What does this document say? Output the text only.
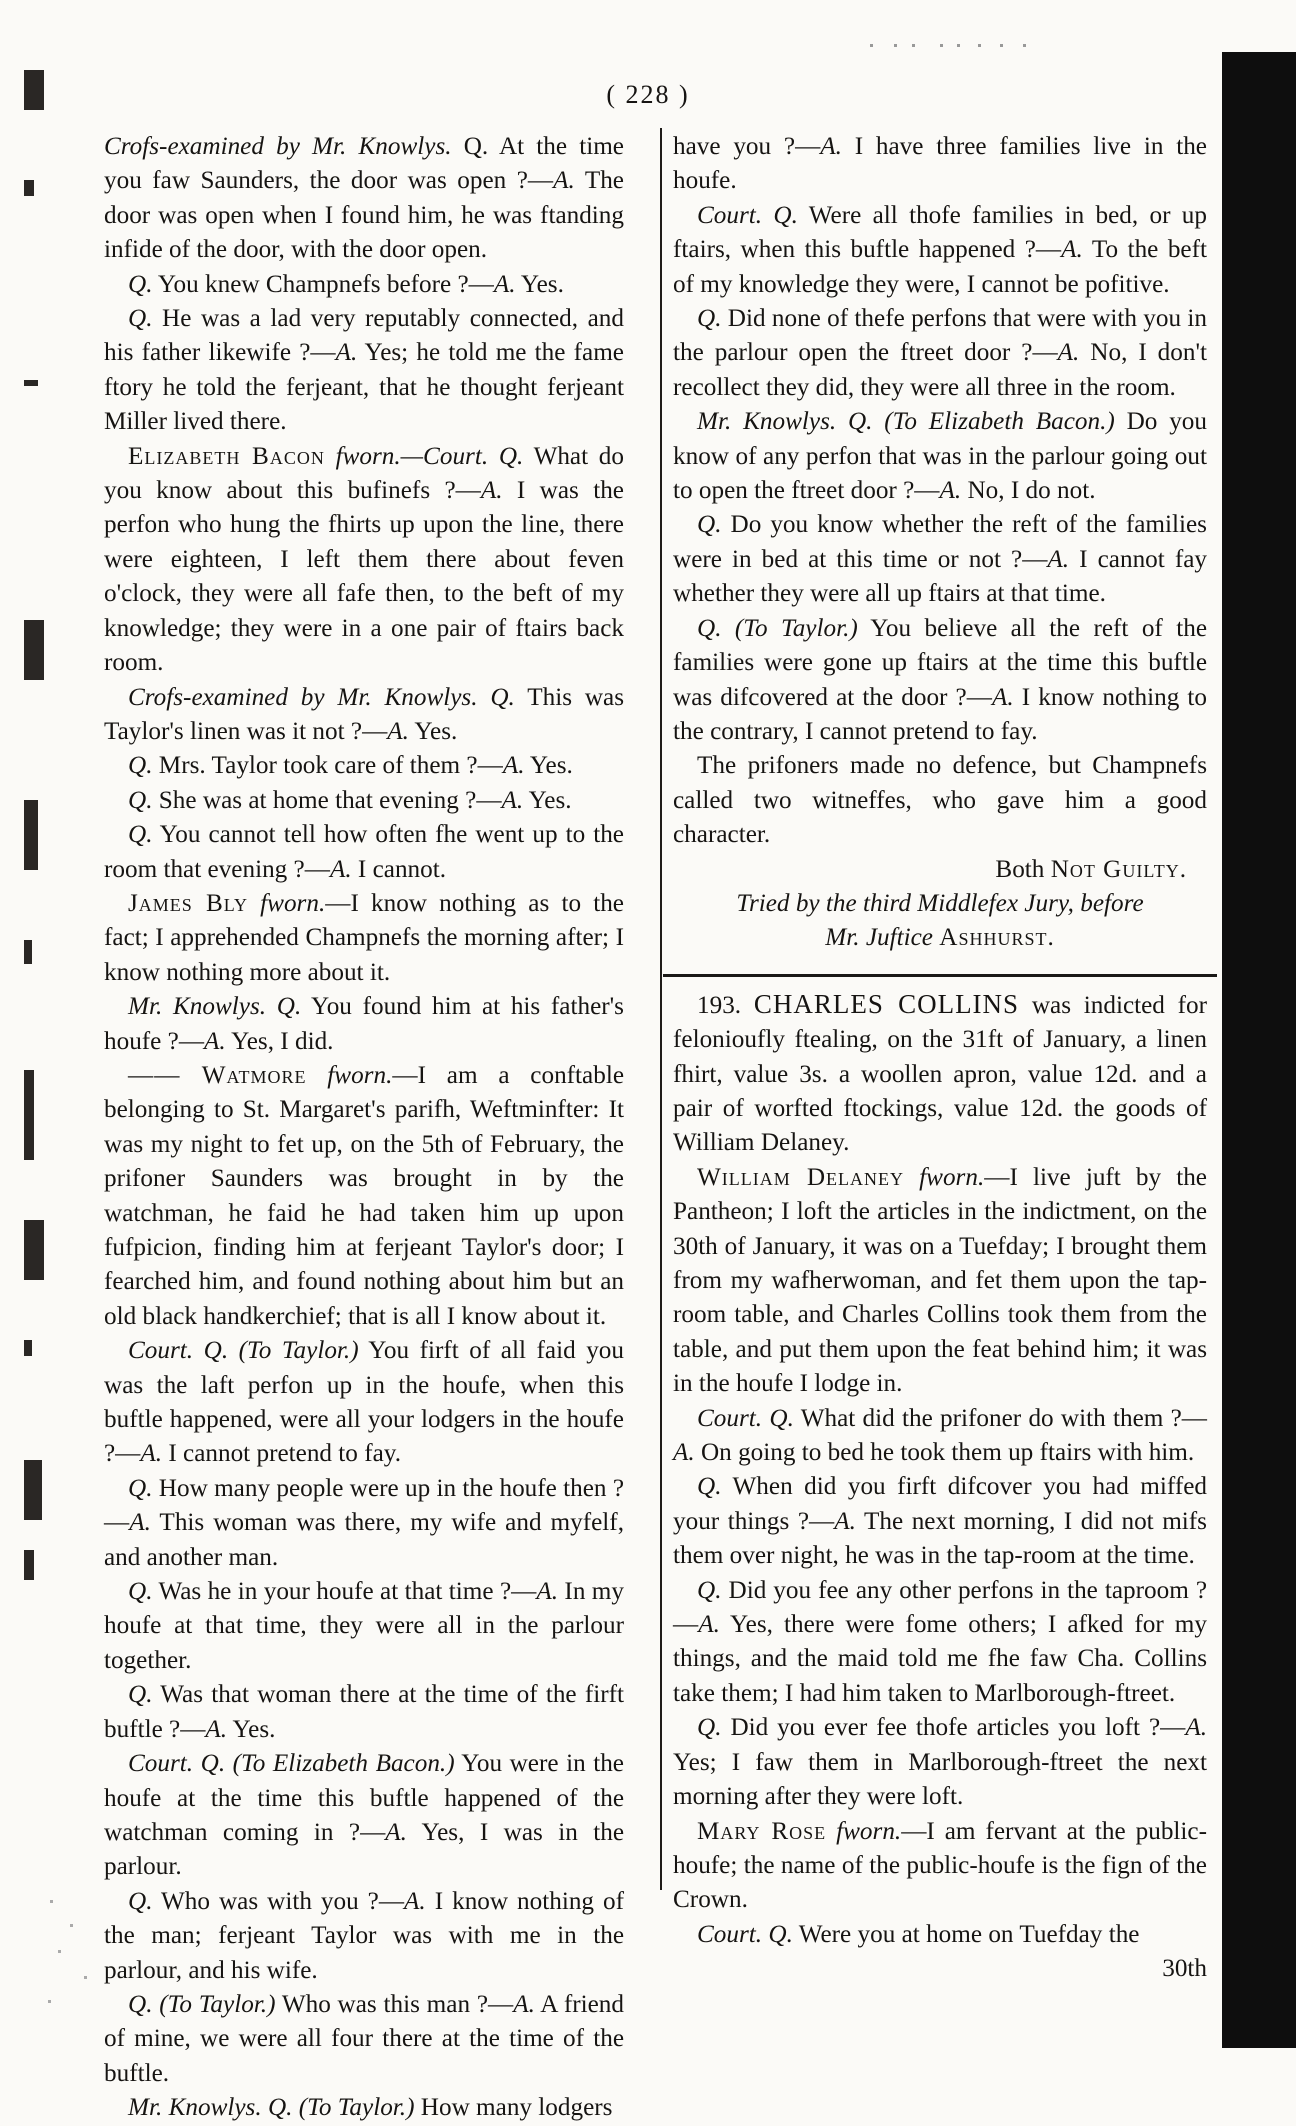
( 228 )

Crofs-examined by Mr. Knowlys. Q. At the time you faw Saunders, the door was open ?—A. The door was open when I found him, he was ftanding infide of the door, with the door open.

Q. You knew Champnefs before ?—A. Yes.

Q. He was a lad very reputably connected, and his father likewife ?—A. Yes; he told me the fame ftory he told the ferjeant, that he thought ferjeant Miller lived there.

Elizabeth Bacon fworn.—Court. Q. What do you know about this bufinefs ?—A. I was the perfon who hung the fhirts up upon the line, there were eighteen, I left them there about feven o'clock, they were all fafe then, to the beft of my knowledge; they were in a one pair of ftairs back room.

Crofs-examined by Mr. Knowlys. Q. This was Taylor's linen was it not ?—A. Yes.

Q. Mrs. Taylor took care of them ?—A. Yes.

Q. She was at home that evening ?—A. Yes.

Q. You cannot tell how often fhe went up to the room that evening ?—A. I cannot.

James Bly fworn.—I know nothing as to the fact; I apprehended Champnefs the morning after; I know nothing more about it.

Mr. Knowlys. Q. You found him at his father's houfe ?—A. Yes, I did.

—— Watmore fworn.—I am a conftable belonging to St. Margaret's parifh, Weftminfter: It was my night to fet up, on the 5th of February, the prifoner Saunders was brought in by the watchman, he faid he had taken him up upon fufpicion, finding him at ferjeant Taylor's door; I fearched him, and found nothing about him but an old black handkerchief; that is all I know about it.

Court. Q. (To Taylor.) You firft of all faid you was the laft perfon up in the houfe, when this buftle happened, were all your lodgers in the houfe ?—A. I cannot pretend to fay.

Q. How many people were up in the houfe then ?—A. This woman was there, my wife and myfelf, and another man.

Q. Was he in your houfe at that time ?—A. In my houfe at that time, they were all in the parlour together.

Q. Was that woman there at the time of the firft buftle ?—A. Yes.

Court. Q. (To Elizabeth Bacon.) You were in the houfe at the time this buftle happened of the watchman coming in ?—A. Yes, I was in the parlour.

Q. Who was with you ?—A. I know nothing of the man; ferjeant Taylor was with me in the parlour, and his wife.

Q. (To Taylor.) Who was this man ?—A. A friend of mine, we were all four there at the time of the buftle.

Mr. Knowlys. Q. (To Taylor.) How many lodgers

have you ?—A. I have three families live in the houfe.

Court. Q. Were all thofe families in bed, or up ftairs, when this buftle happened ?—A. To the beft of my knowledge they were, I cannot be pofitive.

Q. Did none of thefe perfons that were with you in the parlour open the ftreet door ?—A. No, I don't recollect they did, they were all three in the room.

Mr. Knowlys. Q. (To Elizabeth Bacon.) Do you know of any perfon that was in the parlour going out to open the ftreet door ?—A. No, I do not.

Q. Do you know whether the reft of the families were in bed at this time or not ?—A. I cannot fay whether they were all up ftairs at that time.

Q. (To Taylor.) You believe all the reft of the families were gone up ftairs at the time this buftle was difcovered at the door ?—A. I know nothing to the contrary, I cannot pretend to fay.

The prifoners made no defence, but Champnefs called two witneffes, who gave him a good character.

Both Not Guilty.

Tried by the third Middlefex Jury, before

Mr. Juftice Ashhurst.

193. CHARLES COLLINS was indicted for felonioufly ftealing, on the 31ft of January, a linen fhirt, value 3s. a woollen apron, value 12d. and a pair of worfted ftockings, value 12d. the goods of William Delaney.

William Delaney fworn.—I live juft by the Pantheon; I loft the articles in the indictment, on the 30th of January, it was on a Tuefday; I brought them from my wafherwoman, and fet them upon the tap-room table, and Charles Collins took them from the table, and put them upon the feat behind him; it was in the houfe I lodge in.

Court. Q. What did the prifoner do with them ?—A. On going to bed he took them up ftairs with him.

Q. When did you firft difcover you had miffed your things ?—A. The next morning, I did not mifs them over night, he was in the tap-room at the time.

Q. Did you fee any other perfons in the taproom ?—A. Yes, there were fome others; I afked for my things, and the maid told me fhe faw Cha. Collins take them; I had him taken to Marlborough-ftreet.

Q. Did you ever fee thofe articles you loft ?—A. Yes; I faw them in Marlborough-ftreet the next morning after they were loft.

Mary Rose fworn.—I am fervant at the public-houfe; the name of the public-houfe is the fign of the Crown.

Court. Q. Were you at home on Tuefday the

30th
